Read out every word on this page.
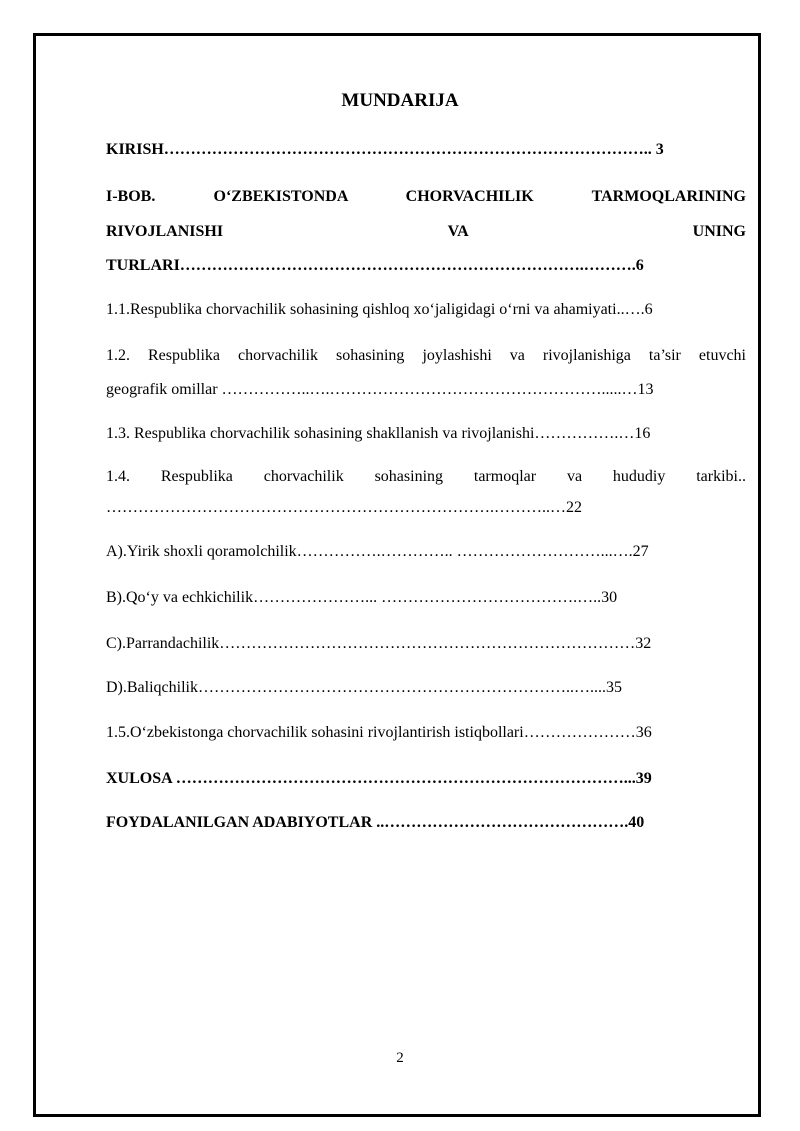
MUNDARIJA
KIRISH……………………………………………………………………………….. 3
I-BOB. O‘ZBEKISTONDA CHORVACHILIK TARMOQLARINING
RIVOJLANISHI VA UNING
TURLARI………………………………………………………………….……….6
1.1.Respublika chorvachilik sohasining qishloq xo‘jaligidagi o‘rni va ahamiyati..….6
1.2. Respublika chorvachilik sohasining joylashishi va rivojlanishiga ta’sir etuvchi
geografik omillar ……………..….…………………………………………….....…13
1.3. Respublika chorvachilik sohasining shakllanish va rivojlanishi…………….…16
1.4. Respublika chorvachilik sohasining tarmoqlar va hududiy tarkibi..
……………………………………………………………….………..…22
A).Yirik shoxli qoramolchilik…………….………….. ………………………...….27
B).Qo‘y va echkichilik…………………... ……………………………….…..30
C).Parrandachilik……………………………………………………………………32
D).Baliqchilik……………………………………………………………..…....35
1.5.O‘zbekistonga chorvachilik sohasini rivojlantirish istiqbollari…………………36
XULOSA …………………………………………………………………………...39
FOYDALANILGAN ADABIYOTLAR ..……………………………………….40
2
